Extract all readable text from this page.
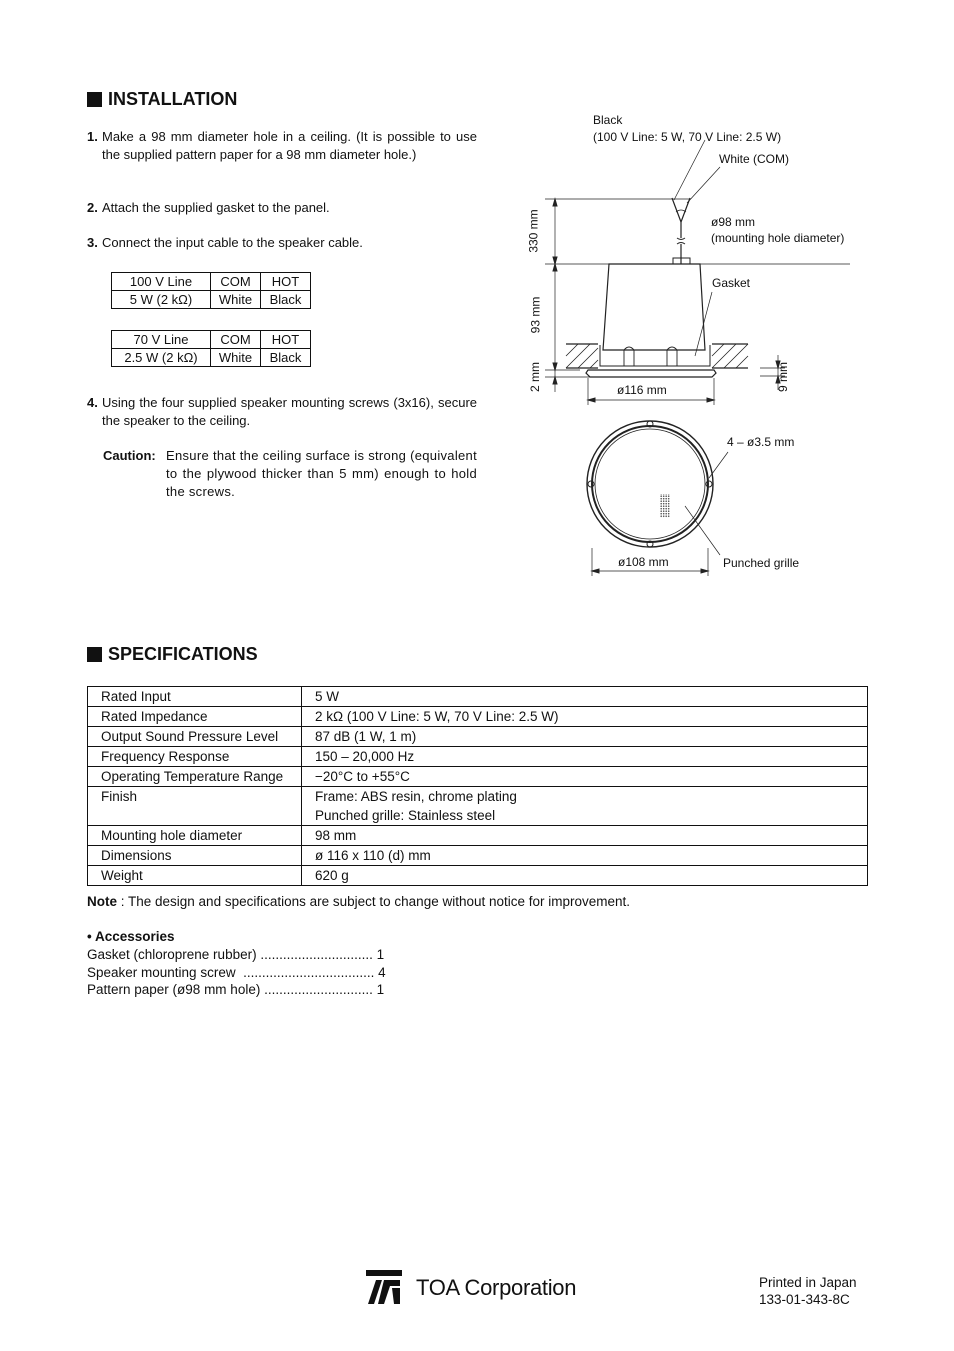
INSTALLATION
1. Make a 98 mm diameter hole in a ceiling. (It is possible to use the supplied pattern paper for a 98 mm diameter hole.)
2. Attach the supplied gasket to the panel.
3. Connect the input cable to the speaker cable.
100 V Line	COM	HOT
5 W (2 kΩ)	White	Black
70 V Line	COM	HOT
2.5 W (2 kΩ)	White	Black
4. Using the four supplied speaker mounting screws (3x16), secure the speaker to the ceiling.
Caution: Ensure that the ceiling surface is strong (equivalent to the plywood thicker than 5 mm) enough to hold the screws.
Black
(100 V Line: 5 W, 70 V Line: 2.5 W)
White (COM)
ø98 mm
(mounting hole diameter)
Gasket
330 mm
93 mm
2 mm	9 mm
ø116 mm
4 – ø3.5 mm
Punched grille
ø108 mm
SPECIFICATIONS
Rated Input	5 W
Rated Impedance	2 kΩ (100 V Line: 5 W, 70 V Line: 2.5 W)
Output Sound Pressure Level	87 dB (1 W, 1 m)
Frequency Response	150 – 20,000 Hz
Operating Temperature Range	−20°C to +55°C
Finish	Frame: ABS resin, chrome plating
Punched grille: Stainless steel

Mounting hole diameter	98 mm
Dimensions	ø 116 x 110 (d) mm
Weight	620 g
Note : The design and specifications are subject to change without notice for improvement.
• Accessories
Gasket (chloroprene rubber) .............................. 1
Speaker mounting screw  ................................... 4
Pattern paper (ø98 mm hole) ............................. 1
TOA Corporation	Printed in Japan
133-01-343-8C
